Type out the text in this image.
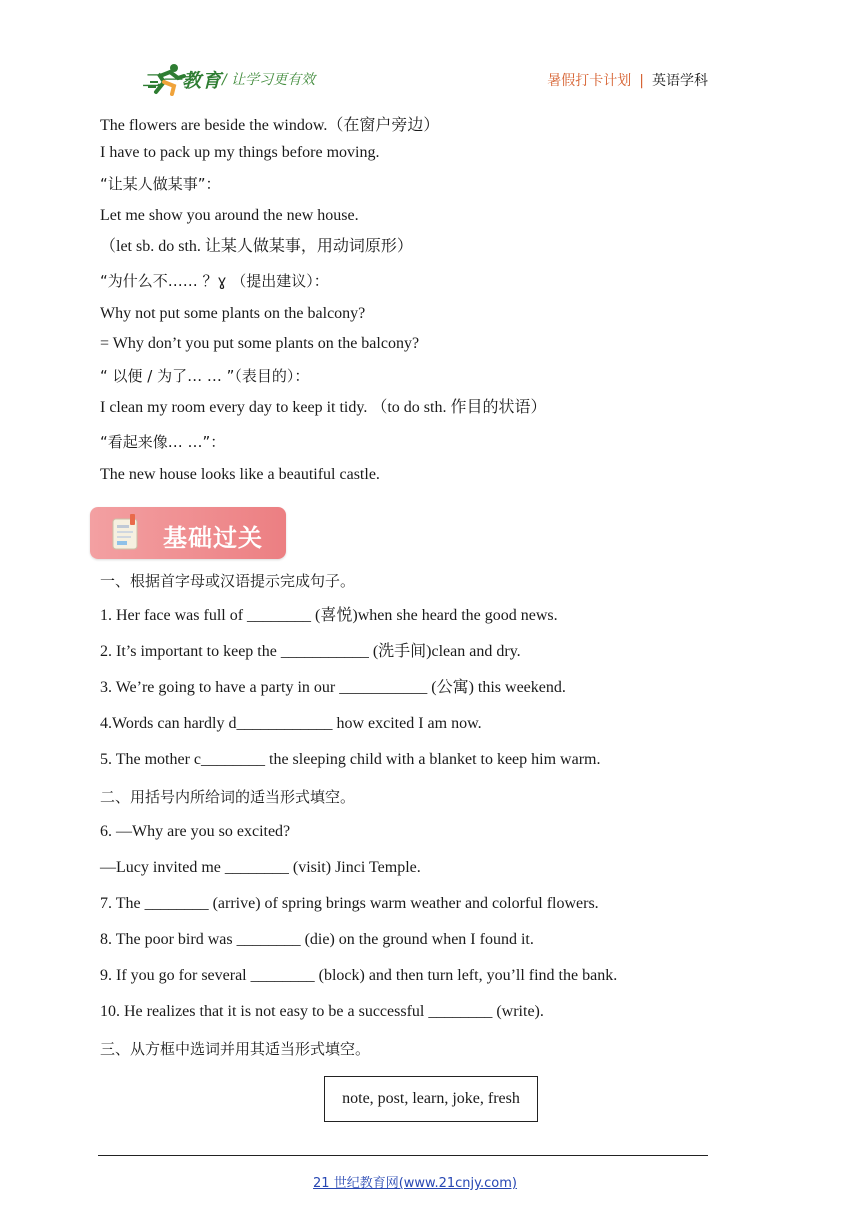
二一教育 / 让学习更有效	暑假打卡计划 | 英语学科
The flowers are beside the window.（在窗户旁边）
I have to pack up my things before moving.
“让某人做某事”：
Let me show you around the new house.
（let sb. do sth. 让某人做某事，用动词原形）
“为什么不…… ？ɣ （提出建议）：
Why not put some plants on the balcony?
= Why don’t you put some plants on the balcony?
“ 以便 / 为了… … ”（表目的）：
I clean my room every day to keep it tidy. （to do sth. 作目的状语）
“看起来像… …”：
The new house looks like a beautiful castle.
基础过关
一、根据首字母或汉语提示完成句子。
1. Her face was full of ________ (喜悦)when she heard the good news.
2. It’s important to keep the ___________ (洗手间)clean and dry.
3. We’re going to have a party in our ___________ (公寓) this weekend.
4.Words can hardly d____________ how excited I am now.
5. The mother c________ the sleeping child with a blanket to keep him warm.
二、用括号内所给词的适当形式填空。
6. —Why are you so excited?
—Lucy invited me ________ (visit) Jinci Temple.
7. The ________ (arrive) of spring brings warm weather and colorful flowers.
8. The poor bird was ________ (die) on the ground when I found it.
9. If you go for several ________ (block) and then turn left, you’ll find the bank.
10. He realizes that it is not easy to be a successful ________ (write).
三、从方框中选词并用其适当形式填空。
note, post, learn, joke, fresh
21 世纪教育网(www.21cnjy.com)
